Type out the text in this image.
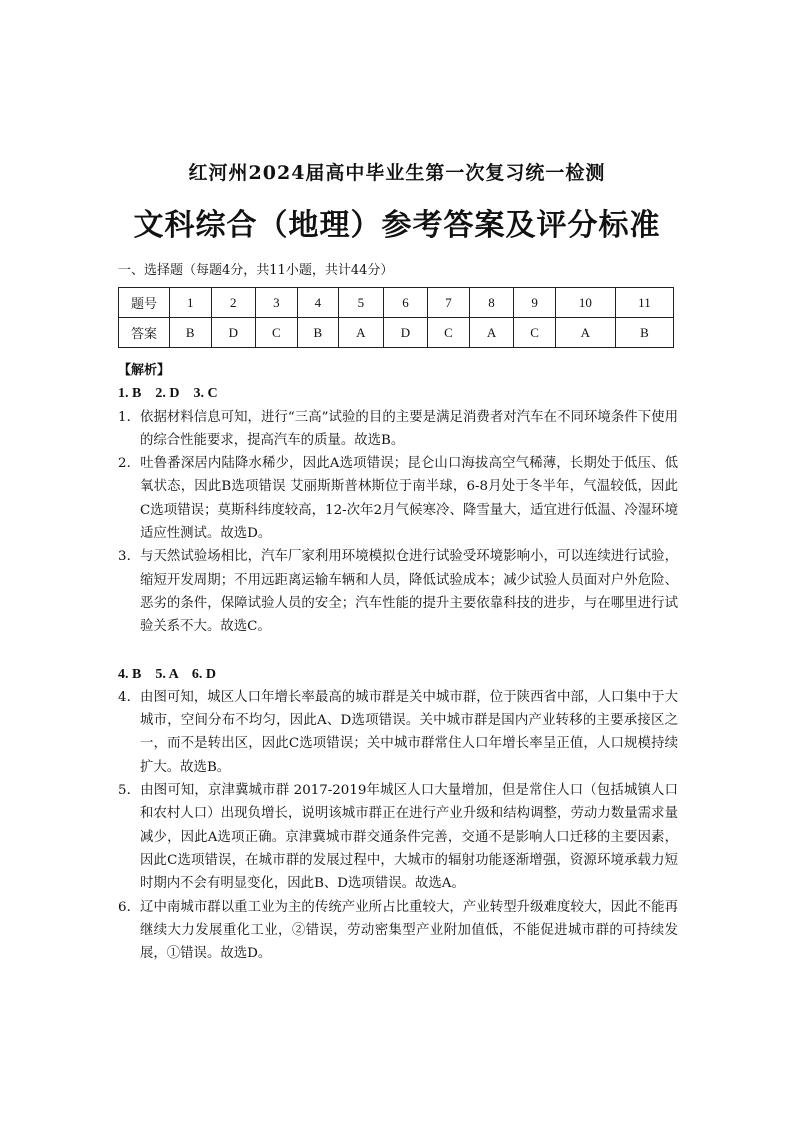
红河州2024届高中毕业生第一次复习统一检测
文科综合（地理）参考答案及评分标准
一、选择题（每题4分，共11小题，共计44分）
题号	1	2	3	4	5	6	7	8	9	10	11
答案	B	D	C	B	A	D	C	A	C	A	B
【解析】
1. B　2. D　3. C
1．依据材料信息可知，进行“三高”试验的目的主要是满足消费者对汽车在不同环境条件下使用的综合性能要求，提高汽车的质量。故选B。
2．吐鲁番深居内陆降水稀少，因此A选项错误；昆仑山口海拔高空气稀薄，长期处于低压、低氧状态，因此B选项错误 艾丽斯斯普林斯位于南半球，6-8月处于冬半年，气温较低，因此C选项错误；莫斯科纬度较高，12-次年2月气候寒冷、降雪量大，适宜进行低温、冷湿环境适应性测试。故选D。
3．与天然试验场相比，汽车厂家利用环境模拟仓进行试验受环境影响小，可以连续进行试验，缩短开发周期；不用远距离运输车辆和人员，降低试验成本；减少试验人员面对户外危险、恶劣的条件，保障试验人员的安全；汽车性能的提升主要依靠科技的进步，与在哪里进行试验关系不大。故选C。
4. B　5. A　6. D
4．由图可知，城区人口年增长率最高的城市群是关中城市群，位于陕西省中部，人口集中于大城市，空间分布不均匀，因此A、D选项错误。关中城市群是国内产业转移的主要承接区之一，而不是转出区，因此C选项错误；关中城市群常住人口年增长率呈正值，人口规模持续扩大。故选B。
5．由图可知，京津冀城市群 2017-2019年城区人口大量增加，但是常住人口（包括城镇人口和农村人口）出现负增长，说明该城市群正在进行产业升级和结构调整，劳动力数量需求量减少，因此A选项正确。京津冀城市群交通条件完善，交通不是影响人口迁移的主要因素，因此C选项错误，在城市群的发展过程中，大城市的辐射功能逐渐增强，资源环境承载力短时期内不会有明显变化，因此B、D选项错误。故选A。
6．辽中南城市群以重工业为主的传统产业所占比重较大，产业转型升级难度较大，因此不能再继续大力发展重化工业，②错误，劳动密集型产业附加值低，不能促进城市群的可持续发展，①错误。故选D。
